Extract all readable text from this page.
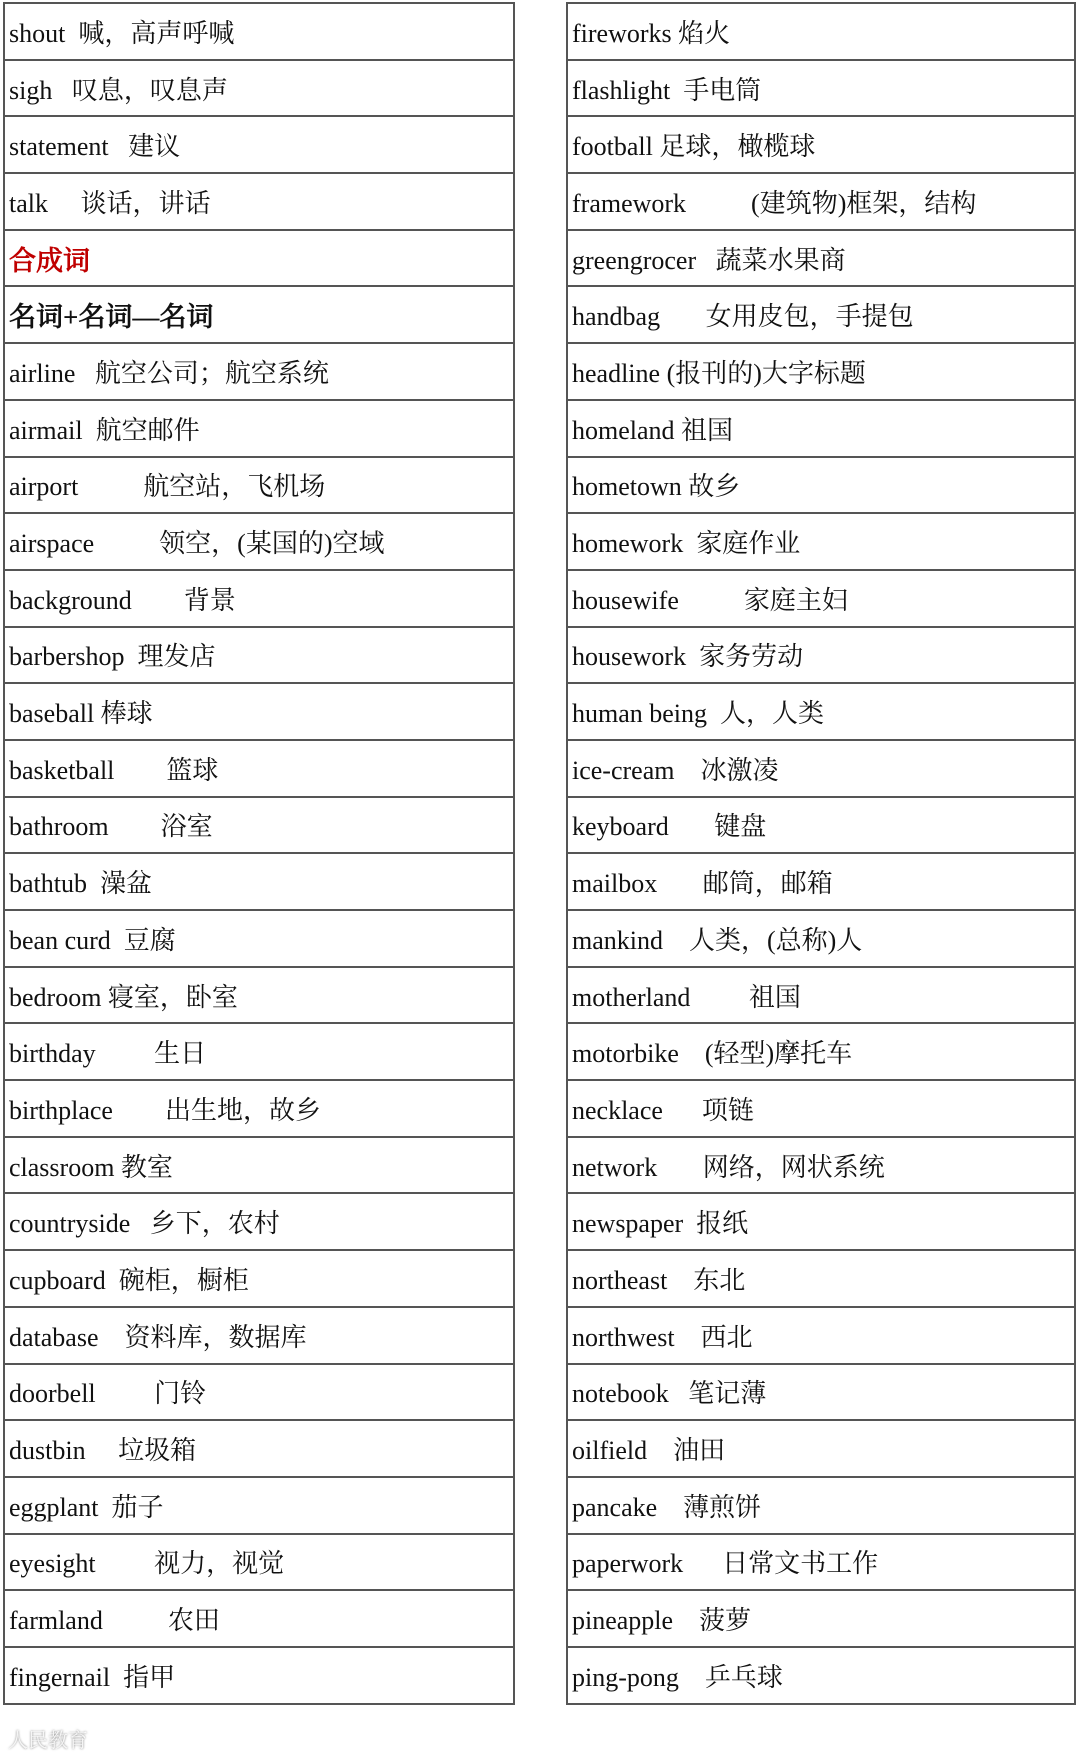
shout  喊，高声呼喊
sigh   叹息，叹息声
statement   建议
talk     谈话，讲话
合成词
名词+名词—名词
airline   航空公司；航空系统
airmail  航空邮件
airport          航空站，飞机场
airspace          领空，(某国的)空域
background        背景
barbershop  理发店
baseball 棒球
basketball        篮球
bathroom        浴室
bathtub  澡盆
bean curd  豆腐
bedroom 寝室，卧室
birthday         生日
birthplace        出生地，故乡
classroom 教室
countryside   乡下，农村
cupboard  碗柜，橱柜
database    资料库，数据库
doorbell         门铃
dustbin     垃圾箱
eggplant  茄子
eyesight         视力，视觉
farmland          农田
fingernail  指甲
fireworks 焰火
flashlight  手电筒
football 足球，橄榄球
framework          (建筑物)框架，结构
greengrocer   蔬菜水果商
handbag       女用皮包，手提包
headline (报刊的)大字标题
homeland 祖国
hometown 故乡
homework  家庭作业
housewife          家庭主妇
housework  家务劳动
human being  人，人类
ice-cream    冰激凌
keyboard       键盘
mailbox       邮筒，邮箱
mankind    人类，(总称)人
motherland         祖国
motorbike    (轻型)摩托车
necklace      项链
network       网络，网状系统
newspaper  报纸
northeast    东北
northwest    西北
notebook   笔记薄
oilfield    油田
pancake    薄煎饼
paperwork      日常文书工作
pineapple    菠萝
ping-pong    乒乓球
人民教育
